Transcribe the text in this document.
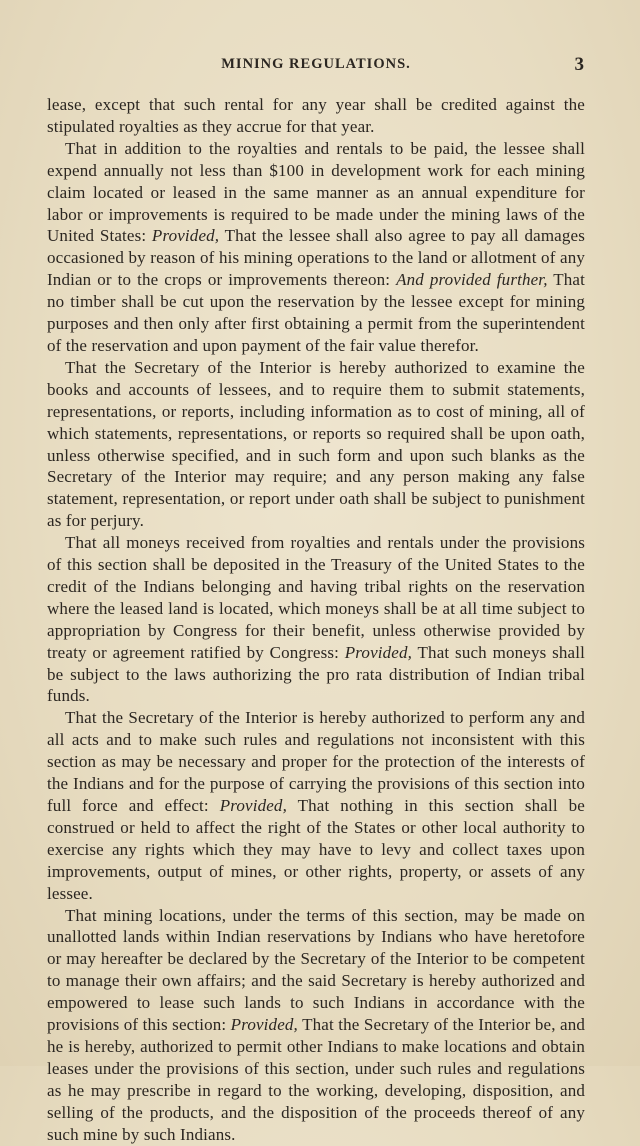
MINING REGULATIONS.	3

lease, except that such rental for any year shall be credited against the stipulated royalties as they accrue for that year.

That in addition to the royalties and rentals to be paid, the lessee shall expend annually not less than $100 in development work for each mining claim located or leased in the same manner as an annual expenditure for labor or improvements is required to be made under the mining laws of the United States: Provided, That the lessee shall also agree to pay all damages occasioned by reason of his mining operations to the land or allotment of any Indian or to the crops or improvements thereon: And provided further, That no timber shall be cut upon the reservation by the lessee except for mining purposes and then only after first obtaining a permit from the superintendent of the reservation and upon payment of the fair value therefor.

That the Secretary of the Interior is hereby authorized to examine the books and accounts of lessees, and to require them to submit statements, representations, or reports, including information as to cost of mining, all of which statements, representations, or reports so required shall be upon oath, unless otherwise specified, and in such form and upon such blanks as the Secretary of the Interior may require; and any person making any false statement, representation, or report under oath shall be subject to punishment as for perjury.

That all moneys received from royalties and rentals under the provisions of this section shall be deposited in the Treasury of the United States to the credit of the Indians belonging and having tribal rights on the reservation where the leased land is located, which moneys shall be at all time subject to appropriation by Congress for their benefit, unless otherwise provided by treaty or agreement ratified by Congress: Provided, That such moneys shall be subject to the laws authorizing the pro rata distribution of Indian tribal funds.

That the Secretary of the Interior is hereby authorized to perform any and all acts and to make such rules and regulations not inconsistent with this section as may be necessary and proper for the protection of the interests of the Indians and for the purpose of carrying the provisions of this section into full force and effect: Provided, That nothing in this section shall be construed or held to affect the right of the States or other local authority to exercise any rights which they may have to levy and collect taxes upon improvements, output of mines, or other rights, property, or assets of any lessee.

That mining locations, under the terms of this section, may be made on unallotted lands within Indian reservations by Indians who have heretofore or may hereafter be declared by the Secretary of the Interior to be competent to manage their own affairs; and the said Secretary is hereby authorized and empowered to lease such lands to such Indians in accordance with the provisions of this section: Provided, That the Secretary of the Interior be, and he is hereby, authorized to permit other Indians to make locations and obtain leases under the provisions of this section, under such rules and regulations as he may prescribe in regard to the working, developing, disposition, and selling of the products, and the disposition of the proceeds thereof of any such mine by such Indians.
